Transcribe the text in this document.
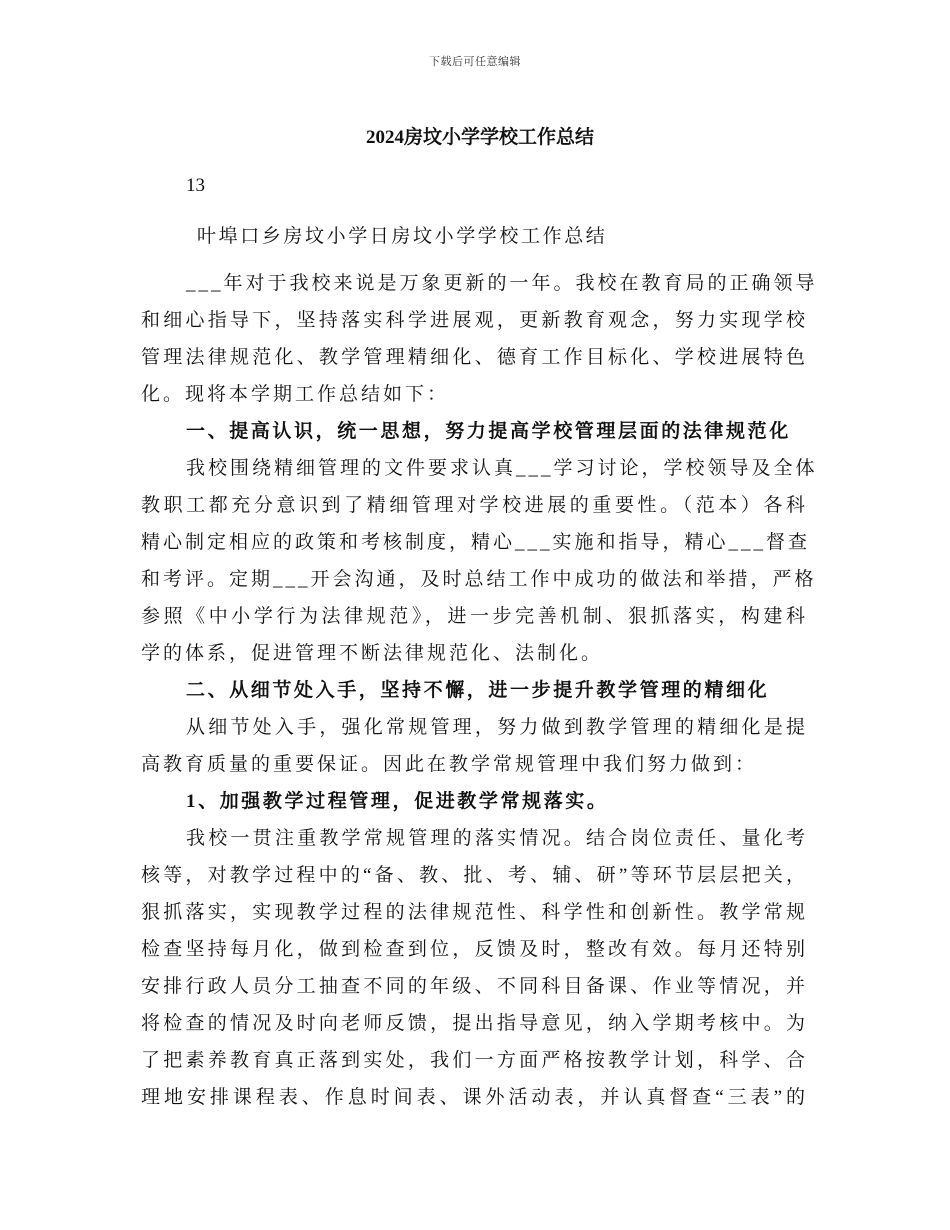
下载后可任意编辑
2024房坟小学学校工作总结
13
叶埠口乡房坟小学日房坟小学学校工作总结
___年对于我校来说是万象更新的一年。我校在教育局的正确领导
和细心指导下，坚持落实科学进展观，更新教育观念，努力实现学校
管理法律规范化、教学管理精细化、德育工作目标化、学校进展特色
化。现将本学期工作总结如下：
一、提高认识，统一思想，努力提高学校管理层面的法律规范化
我校围绕精细管理的文件要求认真___学习讨论，学校领导及全体
教职工都充分意识到了精细管理对学校进展的重要性。（范本）各科
精心制定相应的政策和考核制度，精心___实施和指导，精心___督查
和考评。定期___开会沟通，及时总结工作中成功的做法和举措，严格
参照《中小学行为法律规范》，进一步完善机制、狠抓落实，构建科
学的体系，促进管理不断法律规范化、法制化。
二、从细节处入手，坚持不懈，进一步提升教学管理的精细化
从细节处入手，强化常规管理，努力做到教学管理的精细化是提
高教育质量的重要保证。因此在教学常规管理中我们努力做到：
1、加强教学过程管理，促进教学常规落实。
我校一贯注重教学常规管理的落实情况。结合岗位责任、量化考
核等，对教学过程中的“备、教、批、考、辅、研”等环节层层把关，
狠抓落实，实现教学过程的法律规范性、科学性和创新性。教学常规
检查坚持每月化，做到检查到位，反馈及时，整改有效。每月还特别
安排行政人员分工抽查不同的年级、不同科目备课、作业等情况，并
将检查的情况及时向老师反馈，提出指导意见，纳入学期考核中。为
了把素养教育真正落到实处，我们一方面严格按教学计划，科学、合
理地安排课程表、作息时间表、课外活动表，并认真督查“三表”的
